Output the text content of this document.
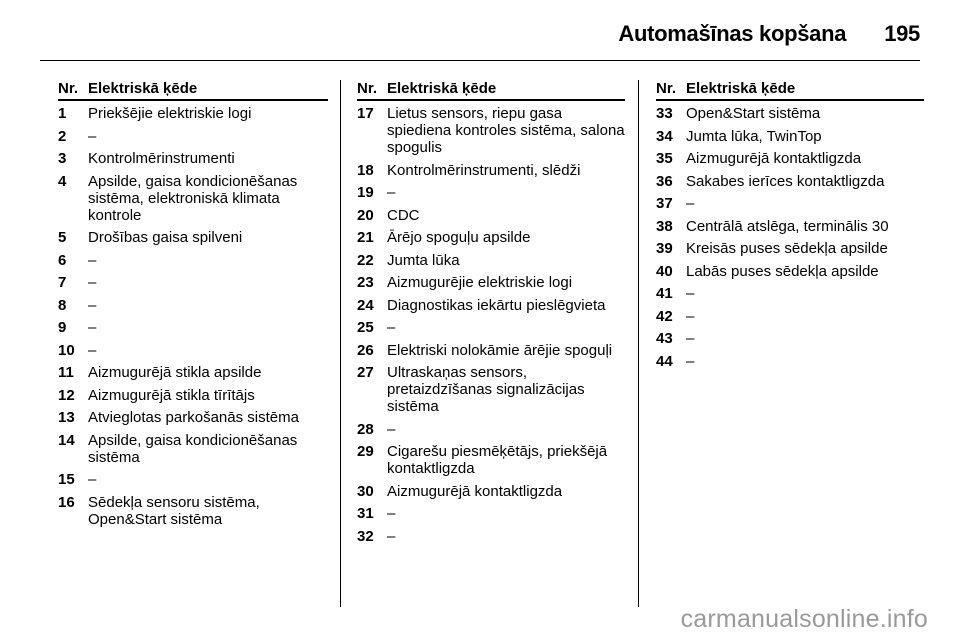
Automašīnas kopšana 195
Nr. Elektriskā ķēde
1	Priekšējie elektriskie logi
2	–
3	Kontrolmērinstrumenti
4	Apsilde, gaisa kondicionēšanas sistēma, elektroniskā klimata kontrole
5	Drošības gaisa spilveni
6	–
7	–
8	–
9	–
10 –
11 Aizmugurējā stikla apsilde
12 Aizmugurējā stikla tīrītājs
13 Atvieglotas parkošanās sistēma
14 Apsilde, gaisa kondicionēšanas sistēma
15 –
16 Sēdekļa sensoru sistēma, Open&Start sistēma
Nr. Elektriskā ķēde
17 Lietus sensors, riepu gasa spiediena kontroles sistēma, salona spogulis
18 Kontrolmērinstrumenti, slēdži
19 –
20 CDC
21 Ārējo spoguļu apsilde
22 Jumta lūka
23 Aizmugurējie elektriskie logi
24 Diagnostikas iekārtu pieslēgvieta
25 –
26 Elektriski nolokāmie ārējie spoguļi
27 Ultraskaņas sensors, pretaizdzīšanas signalizācijas sistēma
28 –
29 Cigarešu piesmēķētājs, priekšējā kontaktligzda
30 Aizmugurējā kontaktligzda
31 –
32 –
Nr. Elektriskā ķēde
33 Open&Start sistēma
34 Jumta lūka, TwinTop
35 Aizmugurējā kontaktligzda
36 Sakabes ierīces kontaktligzda
37 –
38 Centrālā atslēga, terminālis 30
39 Kreisās puses sēdekļa apsilde
40 Labās puses sēdekļa apsilde
41 –
42 –
43 –
44 –
carmanualsonline.info
